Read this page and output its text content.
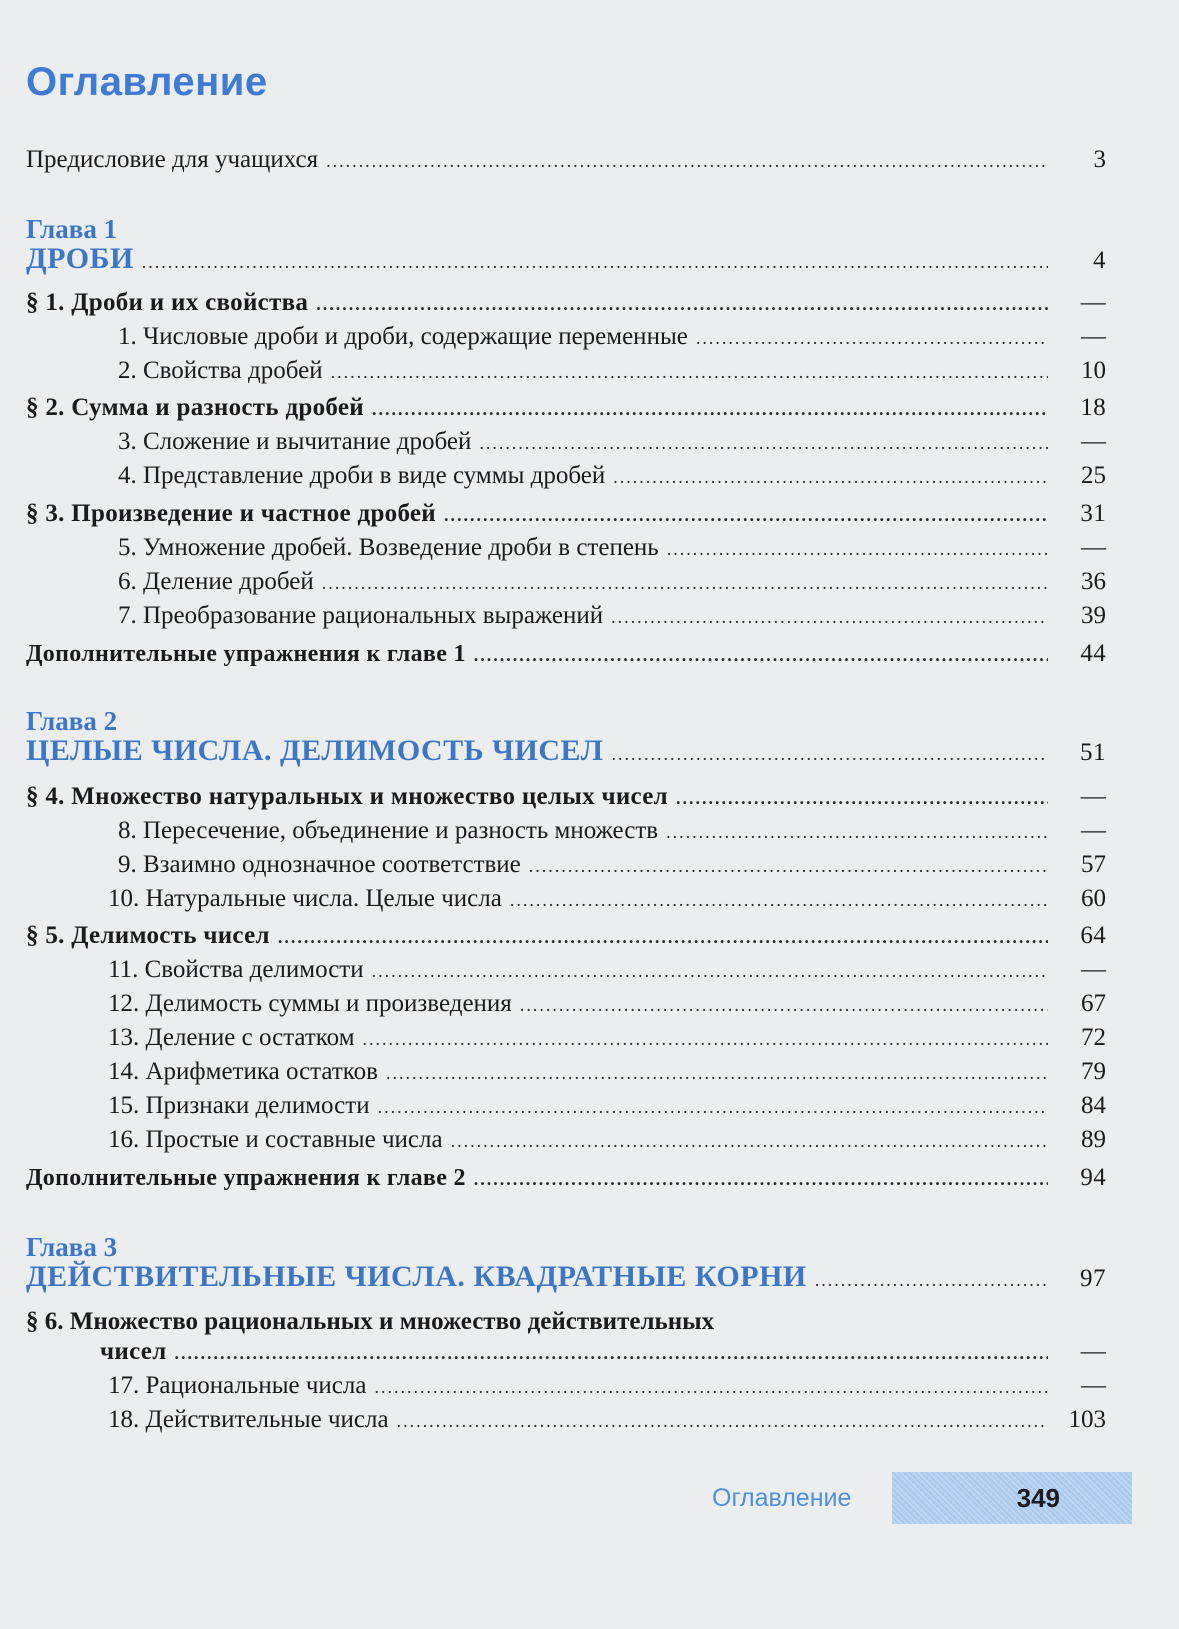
Оглавление
Предисловие для учащихся .....	3
Глава 1
ДРОБИ .....	4
§ 1. Дроби и их свойства .....	—
1. Числовые дроби и дроби, содержащие переменные .....	—
2. Свойства дробей .....	10
§ 2. Сумма и разность дробей .....	18
3. Сложение и вычитание дробей .....	—
4. Представление дроби в виде суммы дробей .....	25
§ 3. Произведение и частное дробей .....	31
5. Умножение дробей. Возведение дроби в степень .....	—
6. Деление дробей .....	36
7. Преобразование рациональных выражений .....	39
Дополнительные упражнения к главе 1 .....	44
Глава 2
ЦЕЛЫЕ ЧИСЛА. ДЕЛИМОСТЬ ЧИСЕЛ .....	51
§ 4. Множество натуральных и множество целых чисел .....	—
8. Пересечение, объединение и разность множеств .....	—
9. Взаимно однозначное соответствие .....	57
10. Натуральные числа. Целые числа .....	60
§ 5. Делимость чисел .....	64
11. Свойства делимости .....	—
12. Делимость суммы и произведения .....	67
13. Деление с остатком .....	72
14. Арифметика остатков .....	79
15. Признаки делимости .....	84
16. Простые и составные числа .....	89
Дополнительные упражнения к главе 2 .....	94
Глава 3
ДЕЙСТВИТЕЛЬНЫЕ ЧИСЛА. КВАДРАТНЫЕ КОРНИ .....	97
§ 6. Множество рациональных и множество действительных
чисел .....	—
17. Рациональные числа .....	—
18. Действительные числа .....	103
Оглавление	349
